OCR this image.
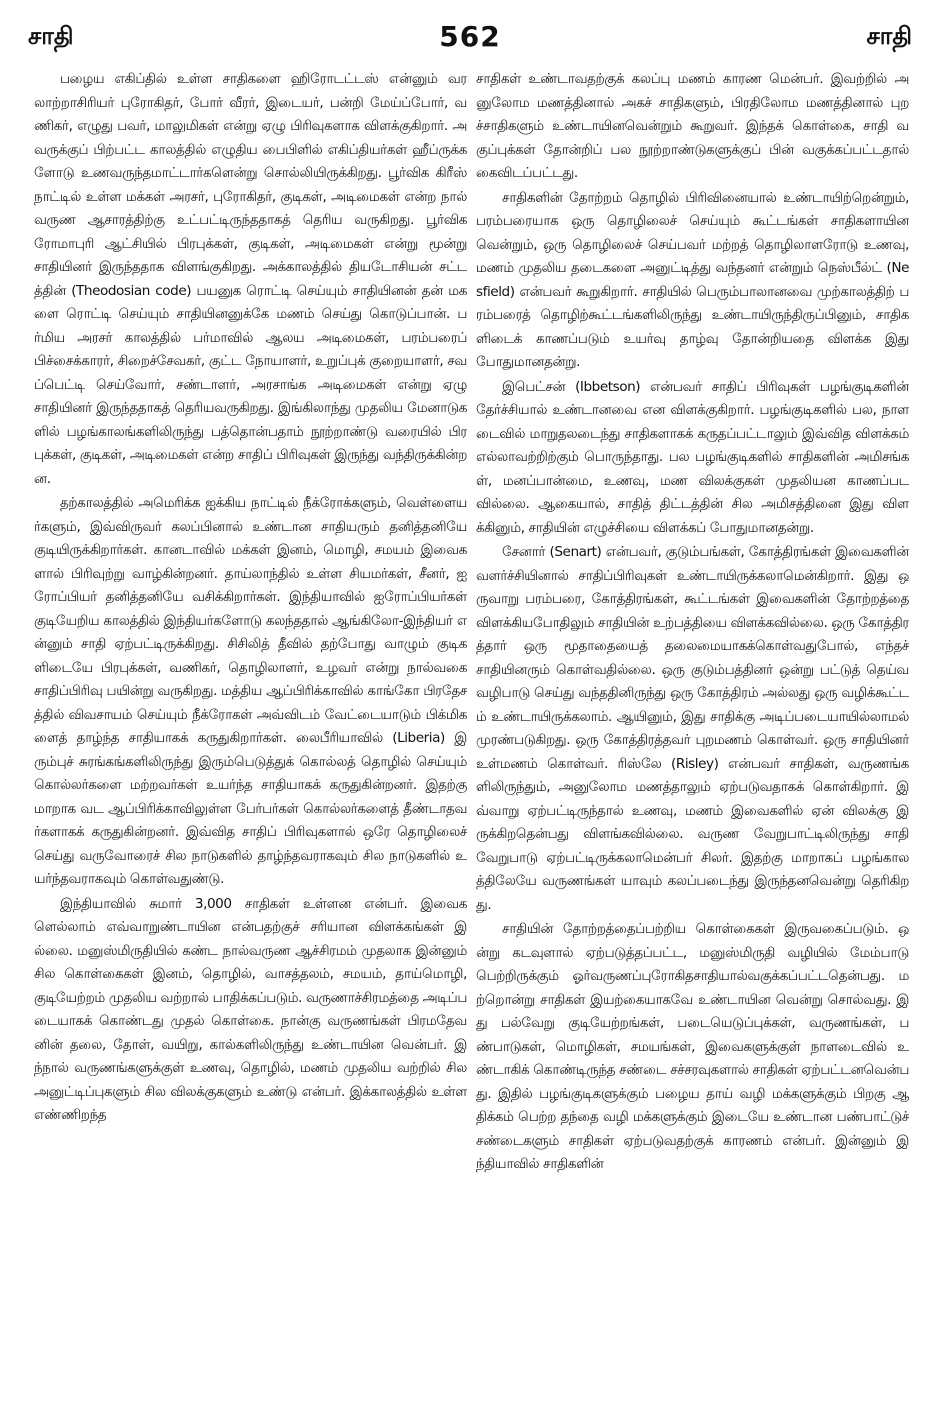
சாதி	562	சாதி

பழைய எகிப்தில் உள்ள சாதிகளை ஹிரோடட்டஸ் என்னும் வரலாற்றாசிரியர் புரோகிதர், போர் வீரர், இடையர், பன்றி மேய்ப்போர், வணிகர், எழுது பவர், மாலுமிகள் என்று ஏழு பிரிவுகளாக விளக்குகிறார். அவருக்குப் பிற்பட்ட காலத்தில் எழுதிய பைபிளில் எகிப்தியர்கள் ஹீப்ருக்களோடு உணவருந்தமாட்டார்களென்று சொல்லியிருக்கிறது. பூர்விக கிரீஸ் நாட்டில் உள்ள மக்கள் அரசர், புரோகிதர், குடிகள், அடிமைகள் என்ற நால் வருண ஆசாரத்திற்கு உட்பட்டிருந்ததாகத் தெரிய வருகிறது. பூர்விக ரோமாபுரி ஆட்சியில் பிரபுக்கள், குடிகள், அடிமைகள் என்று மூன்று சாதியினர் இருந்ததாக விளங்குகிறது. அக்காலத்தில் தியடோசியன் சட்டத்தின் (Theodosian code) பயனுக ரொட்டி செய்யும் சாதியினன் தன் மகளை ரொட்டி செய்யும் சாதியினனுக்கே மணம் செய்து கொடுப்பான். பர்மிய அரசர் காலத்தில் பர்மாவில் ஆலய அடிமைகள், பரம்பரைப் பிச்சைக்காரர், சிறைச்சேவகர், குட்ட நோயாளர், உறுப்புக் குறையாளர், சவப்பெட்டி செய்வோர், சண்டாளர், அரசாங்க அடிமைகள் என்று ஏழு சாதியினர் இருந்ததாகத் தெரியவருகிறது. இங்கிலாந்து முதலிய மேனாடுகளில் பழங்காலங்களிலிருந்து பத்தொன்பதாம் நூற்றாண்டு வரையில் பிரபுக்கள், குடிகள், அடிமைகள் என்ற சாதிப் பிரிவுகள் இருந்து வந்திருக்கின்றன.

தற்காலத்தில் அமெரிக்க ஐக்கிய நாட்டில் நீக்ரோக்களும், வெள்ளையர்களும், இவ்விருவர் கலப்பினால் உண்டான சாதியரும் தனித்தனியே குடியிருக்கிறார்கள். கானடாவில் மக்கள் இனம், மொழி, சமயம் இவைகளால் பிரிவுற்று வாழ்கின்றனர். தாய்லாந்தில் உள்ள சியமர்கள், சீனர், ஐரோப்பியர் தனித்தனியே வசிக்கிறார்கள். இந்தியாவில் ஐரோப்பியர்கள் குடியேறிய காலத்தில் இந்தியர்களோடு கலந்ததால் ஆங்கிலோ-இந்தியர் என்னும் சாதி ஏற்பட்டிருக்கிறது. சிசிலித் தீவில் தற்போது வாழும் குடிகளிடையே பிரபுக்கள், வணிகர், தொழிலாளர், உழவர் என்று நால்வகை சாதிப்பிரிவு பயின்று வருகிறது. மத்திய ஆப்பிரிக்காவில் காங்கோ பிரதேசத்தில் விவசாயம் செய்யும் நீக்ரோகள் அவ்விடம் வேட்டையாடும் பிக்மிகளைத் தாழ்ந்த சாதியாகக் கருதுகிறார்கள். லைபீரியாவில் (Liberia) இரும்புச் சுரங்கங்களிலிருந்து இரும்பெடுத்துக் கொல்லத் தொழில் செய்யும் கொல்லர்களை மற்றவர்கள் உயர்ந்த சாதியாகக் கருதுகின்றனர். இதற்கு மாறாக வட ஆப்பிரிக்காவிலுள்ள பேர்பர்கள் கொல்லர்களைத் தீண்டாதவர்களாகக் கருதுகின்றனர். இவ்வித சாதிப் பிரிவுகளால் ஒரே தொழிலைச் செய்து வருவோரைச் சில நாடுகளில் தாழ்ந்தவராகவும் சில நாடுகளில் உயர்ந்தவராகவும் கொள்வதுண்டு.

இந்தியாவில் சுமார் 3,000 சாதிகள் உள்ளன என்பர். இவைகளெல்லாம் எவ்வாறுண்டாயின என்பதற்குச் சரியான விளக்கங்கள் இல்லை. மனுஸ்மிருதியில் கண்ட நால்வருண ஆச்சிரமம் முதலாக இன்னும் சில கொள்கைகள் இனம், தொழில், வாசத்தலம், சமயம், தாய்மொழி, குடியேற்றம் முதலிய வற்றால் பாதிக்கப்படும். வருணாச்சிரமத்தை அடிப்படையாகக் கொண்டது முதல் கொள்கை. நான்கு வருணங்கள் பிரமதேவனின் தலை, தோள், வயிறு, கால்களிலிருந்து உண்டாயின வென்பர். இந்நால் வருணங்களுக்குள் உணவு, தொழில், மணம் முதலிய வற்றில் சில அனுட்டிப்புகளும் சில விலக்குகளும் உண்டு என்பர். இக்காலத்தில் உள்ள எண்ணிறந்த

சாதிகள் உண்டாவதற்குக் கலப்பு மணம் காரண மென்பர். இவற்றில் அனுலோம மணத்தினால் அகச் சாதிகளும், பிரதிலோம மணத்தினால் புறச்சாதிகளும் உண்டாயினவென்றும் கூறுவர். இந்தக் கொள்கை, சாதி வகுப்புக்கள் தோன்றிப் பல நூற்றாண்டுகளுக்குப் பின் வகுக்கப்பட்டதால் கைவிடப்பட்டது.

சாதிகளின் தோற்றம் தொழில் பிரிவினையால் உண்டாயிற்றென்றும், பரம்பரையாக ஒரு தொழிலைச் செய்யும் கூட்டங்கள் சாதிகளாயினவென்றும், ஒரு தொழிலைச் செய்பவர் மற்றத் தொழிலாளரோடு உணவு, மணம் முதலிய தடைகளை அனுட்டித்து வந்தனர் என்றும் நெஸ்பீல்ட் (Nesfield) என்பவர் கூறுகிறார். சாதியில் பெரும்பாலானவை முற்காலத்திற் பரம்பரைத் தொழிற்கூட்டங்களிலிருந்து உண்டாயிருந்திருப்பினும், சாதிகளிடைக் காணப்படும் உயர்வு தாழ்வு தோன்றியதை விளக்க இது போதுமானதன்று.

இபெட்சன் (Ibbetson) என்பவர் சாதிப் பிரிவுகள் பழங்குடிகளின் தேர்ச்சியால் உண்டானவை என விளக்குகிறார். பழங்குடிகளில் பல, நாளடைவில் மாறுதலடைந்து சாதிகளாகக் கருதப்பட்டாலும் இவ்வித விளக்கம் எல்லாவற்றிற்கும் பொருந்தாது. பல பழங்குடிகளில் சாதிகளின் அமிசங்கள், மனப்பான்மை, உணவு, மண விலக்குகள் முதலியன காணப்படவில்லை. ஆகையால், சாதித் திட்டத்தின் சில அமிசத்தினை இது விளக்கினும், சாதியின் எழுச்சியை விளக்கப் போதுமானதன்று.

சேனார் (Senart) என்பவர், குடும்பங்கள், கோத்திரங்கள் இவைகளின் வளர்ச்சியினால் சாதிப்பிரிவுகள் உண்டாயிருக்கலாமென்கிறார். இது ஒருவாறு பரம்பரை, கோத்திரங்கள், கூட்டங்கள் இவைகளின் தோற்றத்தை விளக்கியபோதிலும் சாதியின் உற்பத்தியை விளக்கவில்லை. ஒரு கோத்திரத்தார் ஒரு மூதாதையைத் தலைமையாகக்கொள்வதுபோல், எந்தச் சாதியினரும் கொள்வதில்லை. ஒரு குடும்பத்தினர் ஒன்று பட்டுத் தெய்வ வழிபாடு செய்து வந்ததினிருந்து ஒரு கோத்திரம் அல்லது ஒரு வழிக்கூட்டம் உண்டாயிருக்கலாம். ஆயினும், இது சாதிக்கு அடிப்படையாயில்லாமல் முரண்படுகிறது. ஒரு கோத்திரத்தவர் புறமணம் கொள்வர். ஒரு சாதியினர் உள்மணம் கொள்வர். ரிஸ்லே (Risley) என்பவர் சாதிகள், வருணங்களிலிருந்தும், அனுலோம மணத்தாலும் ஏற்படுவதாகக் கொள்கிறார். இவ்வாறு ஏற்பட்டிருந்தால் உணவு, மணம் இவைகளில் ஏன் விலக்கு இருக்கிறதென்பது விளங்கவில்லை. வருண வேறுபாட்டிலிருந்து சாதி வேறுபாடு ஏற்பட்டிருக்கலாமென்பர் சிலர். இதற்கு மாறாகப் பழங்காலத்திலேயே வருணங்கள் யாவும் கலப்படைந்து இருந்தனவென்று தெரிகிறது.

சாதியின் தோற்றத்தைப்பற்றிய கொள்கைகள் இருவகைப்படும். ஒன்று கடவுளால் ஏற்படுத்தப்பட்ட, மனுஸ்மிருதி வழியில் மேம்பாடு பெற்றிருக்கும் ஓர்வருணப்புரோகிதசாதியால்வகுக்கப்பட்டதென்பது. மற்றொன்று சாதிகள் இயற்கையாகவே உண்டாயின வென்று சொல்வது. இது பல்வேறு குடியேற்றங்கள், படையெடுப்புக்கள், வருணங்கள், பண்பாடுகள், மொழிகள், சமயங்கள், இவைகளுக்குள் நாளடைவில் உண்டாகிக் கொண்டிருந்த சண்டை சச்சரவுகளால் சாதிகள் ஏற்பட்டனவென்பது. இதில் பழங்குடிகளுக்கும் பழைய தாய் வழி மக்களுக்கும் பிறகு ஆதிக்கம் பெற்ற தந்தை வழி மக்களுக்கும் இடையே உண்டான பண்பாட்டுச் சண்டைகளும் சாதிகள் ஏற்படுவதற்குக் காரணம் என்பர். இன்னும் இந்தியாவில் சாதிகளின்
